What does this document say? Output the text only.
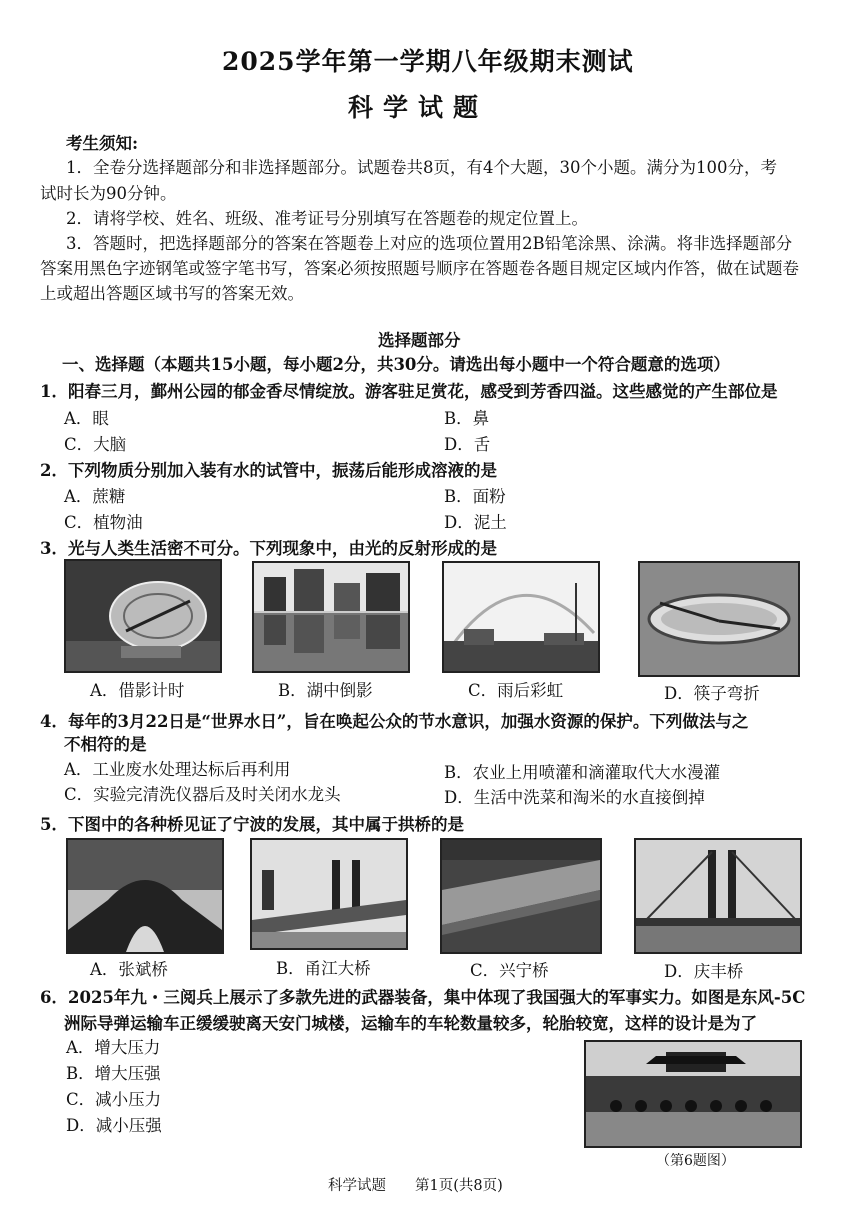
2025学年第一学期八年级期末测试
科学试题
考生须知:
1．全卷分选择题部分和非选择题部分。试题卷共8页，有4个大题，30个小题。满分为100分，考
试时长为90分钟。
2．请将学校、姓名、班级、准考证号分别填写在答题卷的规定位置上。
3．答题时，把选择题部分的答案在答题卷上对应的选项位置用2B铅笔涂黑、涂满。将非选择题部分
答案用黑色字迹钢笔或签字笔书写，答案必须按照题号顺序在答题卷各题目规定区域内作答，做在试题卷
上或超出答题区域书写的答案无效。
选择题部分
一、选择题（本题共15小题，每小题2分，共30分。请选出每小题中一个符合题意的选项）
1．阳春三月，鄞州公园的郁金香尽情绽放。游客驻足赏花，感受到芳香四溢。这些感觉的产生部位是
A．眼	B．鼻
C．大脑	D．舌
2．下列物质分别加入装有水的试管中，振荡后能形成溶液的是
A．蔗糖	B．面粉
C．植物油	D．泥土
3．光与人类生活密不可分。下列现象中，由光的反射形成的是
A．借影计时	B．湖中倒影	C．雨后彩虹	D．筷子弯折
4．每年的3月22日是“世界水日”，旨在唤起公众的节水意识，加强水资源的保护。下列做法与之
不相符的是
A．工业废水处理达标后再利用	B．农业上用喷灌和滴灌取代大水漫灌
C．实验完清洗仪器后及时关闭水龙头	D．生活中洗菜和淘米的水直接倒掉
5．下图中的各种桥见证了宁波的发展，其中属于拱桥的是
A．张斌桥	B．甬江大桥	C．兴宁桥	D．庆丰桥
6．2025年九・三阅兵上展示了多款先进的武器装备，集中体现了我国强大的军事实力。如图是东风-5C
洲际导弹运输车正缓缓驶离天安门城楼，运输车的车轮数量较多，轮胎较宽，这样的设计是为了
A．增大压力
B．增大压强
C．减小压力
D．减小压强
（第6题图）
科学试题　　第1页(共8页)
